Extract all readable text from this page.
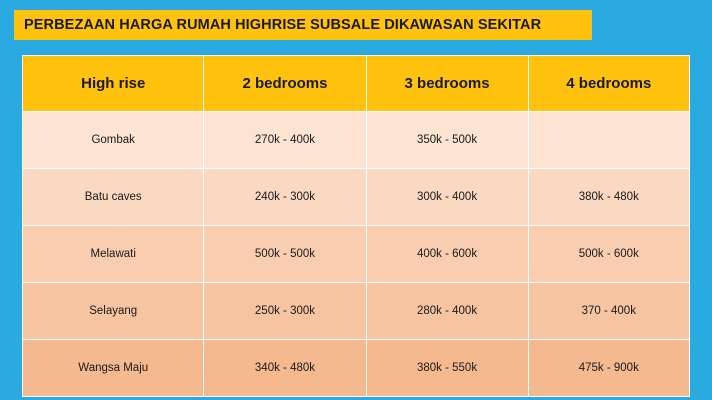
PERBEZAAN HARGA RUMAH HIGHRISE SUBSALE DIKAWASAN SEKITAR
High rise	2 bedrooms	3 bedrooms	4 bedrooms
Gombak	270k - 400k	350k - 500k	
Batu caves	240k - 300k	300k - 400k	380k - 480k
Melawati	500k - 500k	400k - 600k	500k - 600k
Selayang	250k - 300k	280k - 400k	370 - 400k
Wangsa Maju	340k - 480k	380k - 550k	475k - 900k
